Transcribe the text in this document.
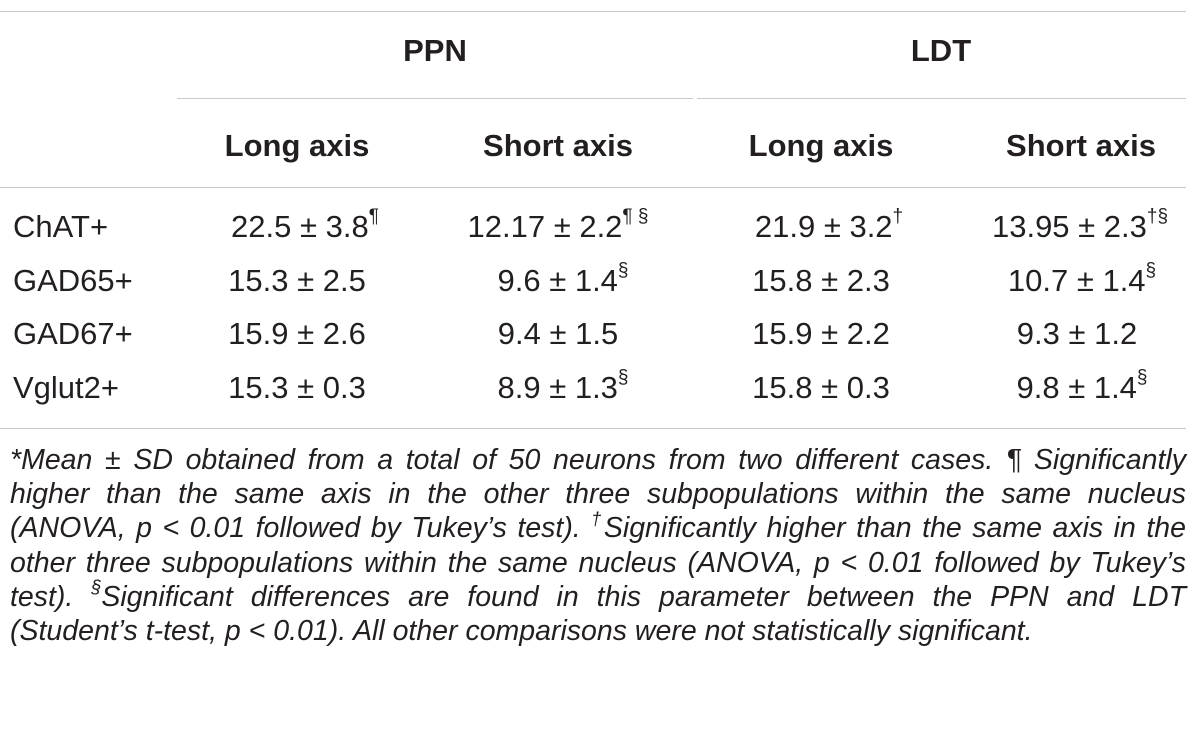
PPN	LDT
Long axis	Short axis	Long axis	Short axis
ChAT+	22.5 ± 3.8¶	12.17 ± 2.2¶ §	21.9 ± 3.2†	13.95 ± 2.3†§
GAD65+	15.3 ± 2.5	9.6 ± 1.4§	15.8 ± 2.3	10.7 ± 1.4§
GAD67+	15.9 ± 2.6	9.4 ± 1.5	15.9 ± 2.2	9.3 ± 1.2
Vglut2+	15.3 ± 0.3	8.9 ± 1.3§	15.8 ± 0.3	9.8 ± 1.4§
*Mean ± SD obtained from a total of 50 neurons from two different cases. ¶ Significantly higher than the same axis in the other three subpopulations within the same nucleus (ANOVA, p < 0.01 followed by Tukey’s test). †Significantly higher than the same axis in the other three subpopulations within the same nucleus (ANOVA, p < 0.01 followed by Tukey’s test). §Significant differences are found in this parameter between the PPN and LDT (Student’s t-test, p < 0.01). All other comparisons were not statistically significant.
